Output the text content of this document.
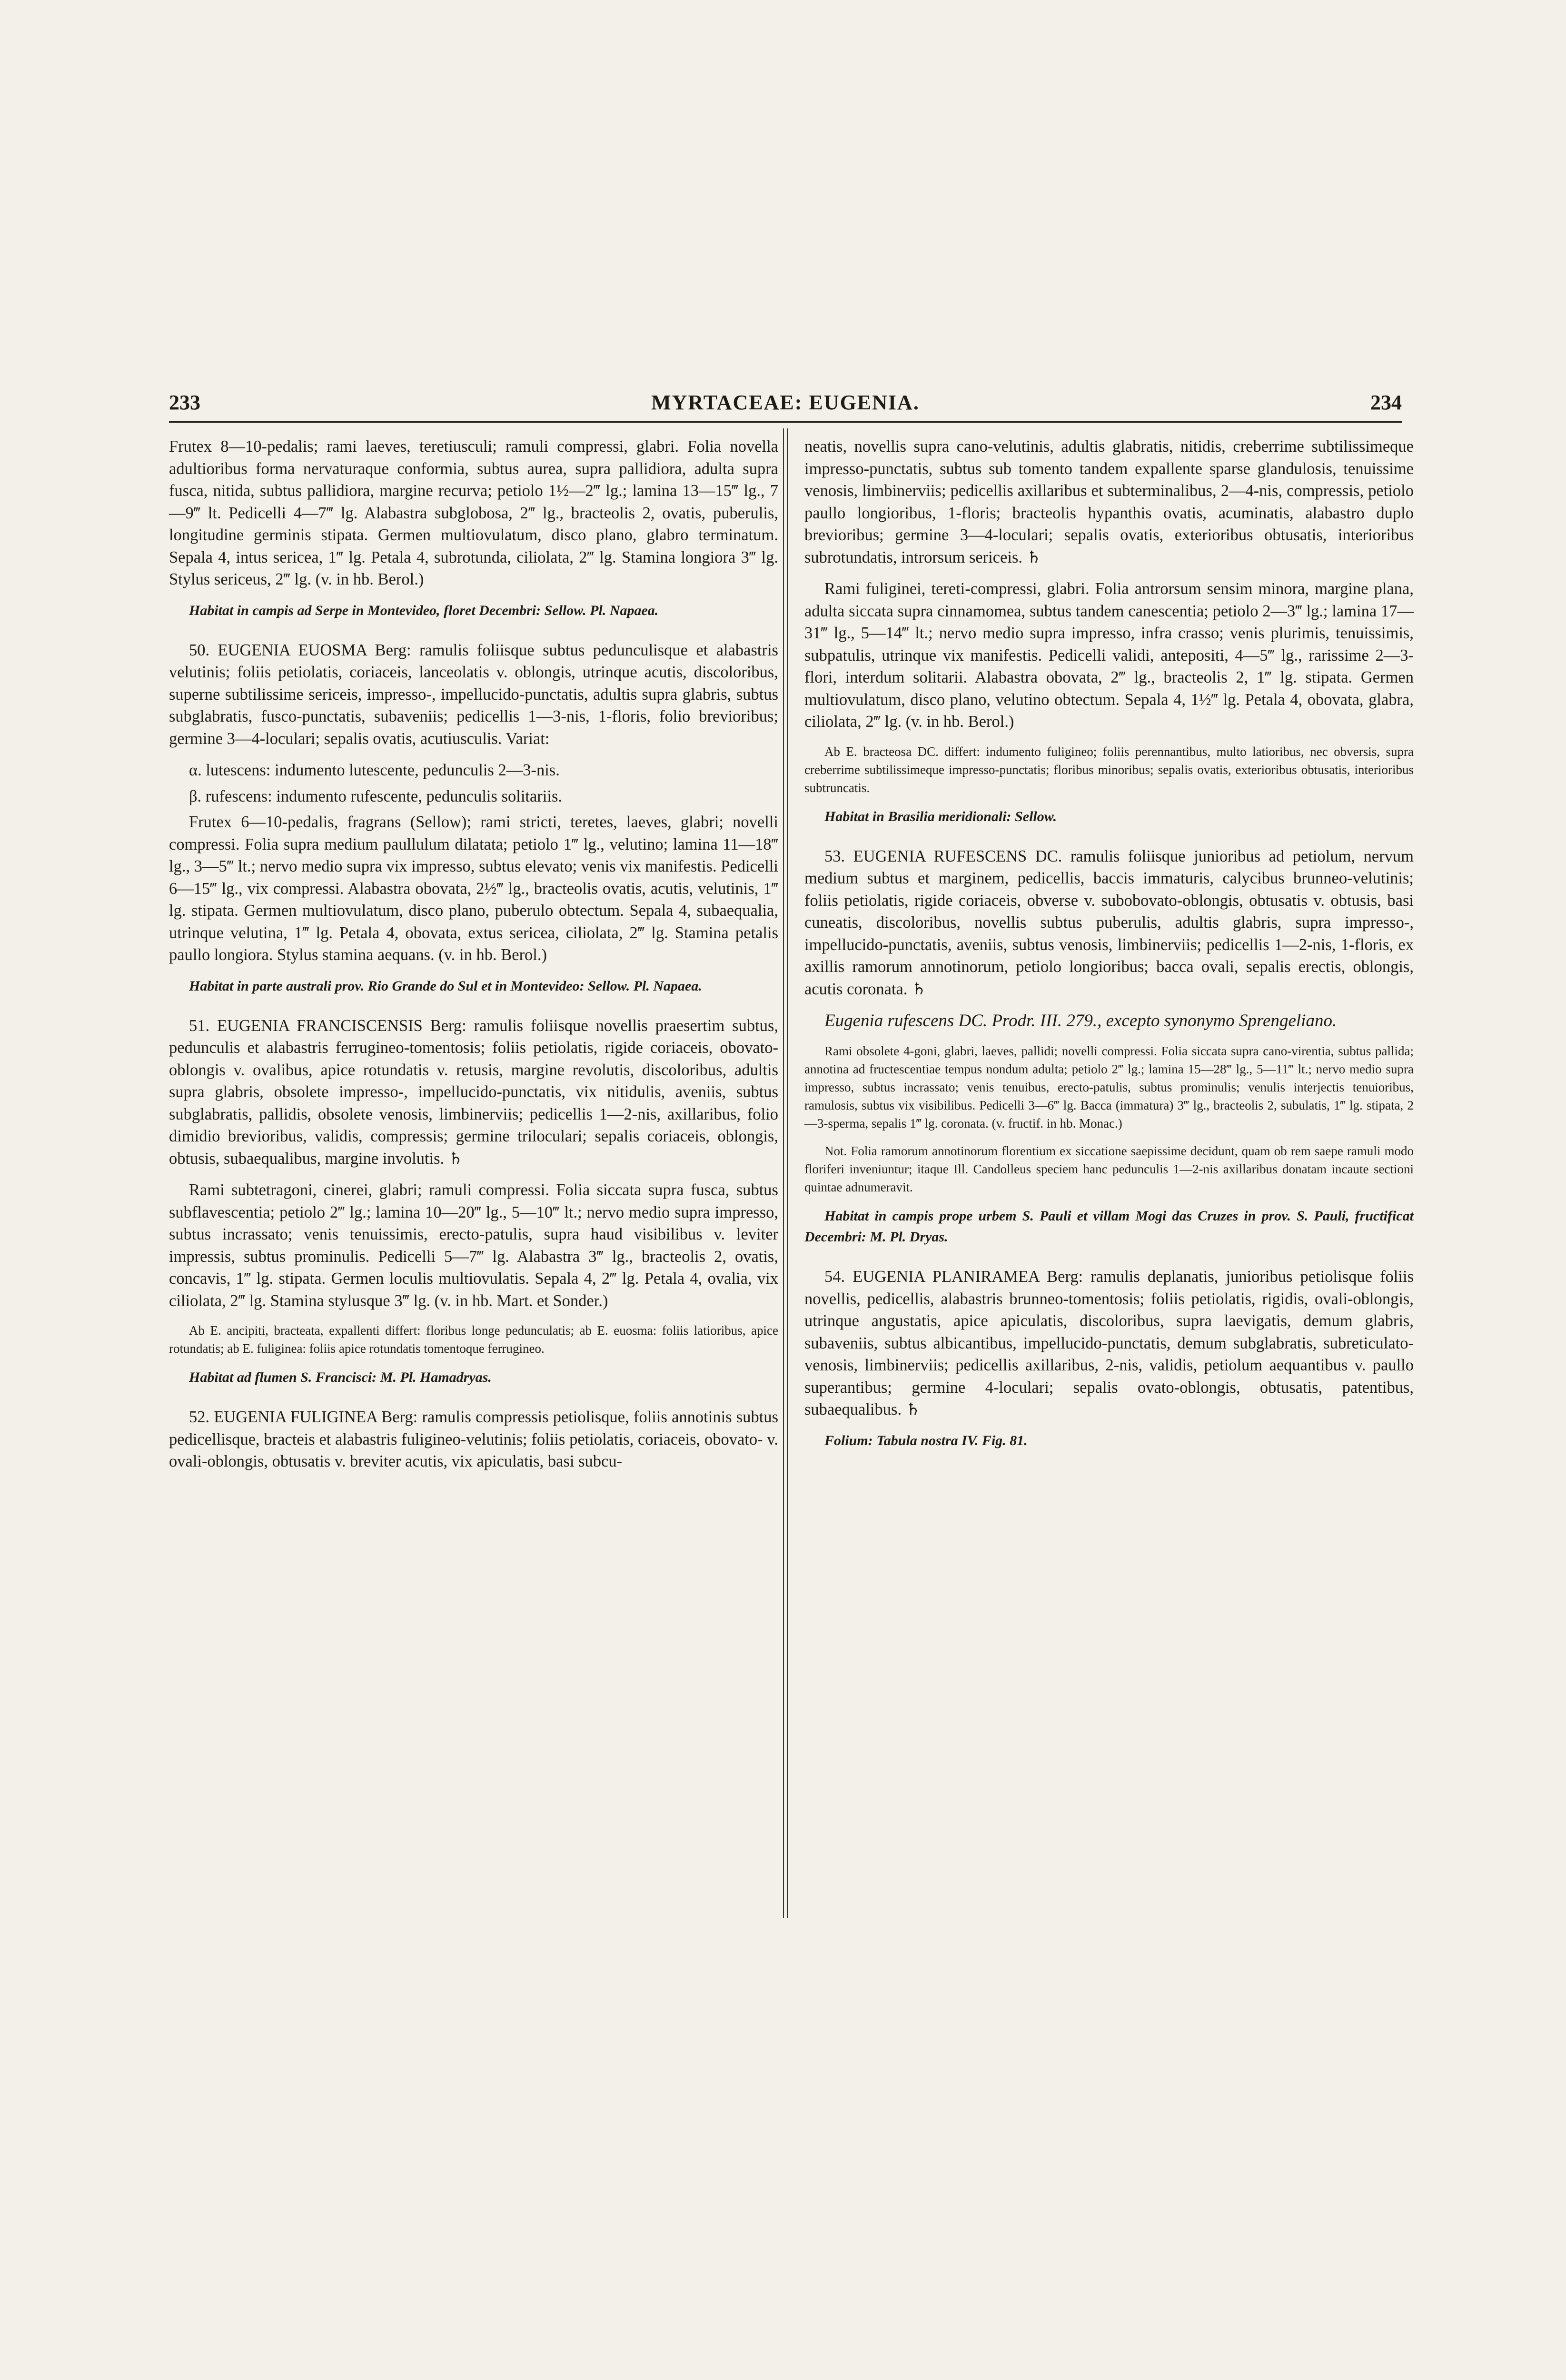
233	MYRTACEAE: EUGENIA.	234

Frutex 8—10-pedalis; rami laeves, teretiusculi; ramuli compressi, glabri. Folia novella adultioribus forma nervaturaque conformia, subtus aurea, supra pallidiora, adulta supra fusca, nitida, subtus pallidiora, margine recurva; petiolo 1½—2‴ lg.; lamina 13—15‴ lg., 7—9‴ lt. Pedicelli 4—7‴ lg. Alabastra subglobosa, 2‴ lg., bracteolis 2, ovatis, puberulis, longitudine germinis stipata. Germen multiovulatum, disco plano, glabro terminatum. Sepala 4, intus sericea, 1‴ lg. Petala 4, subrotunda, ciliolata, 2‴ lg. Stamina longiora 3‴ lg. Stylus sericeus, 2‴ lg. (v. in hb. Berol.)

Habitat in campis ad Serpe in Montevideo, floret Decembri: Sellow. Pl. Napaea.

50. EUGENIA EUOSMA Berg: ramulis foliisque subtus pedunculisque et alabastris velutinis; foliis petiolatis, coriaceis, lanceolatis v. oblongis, utrinque acutis, discoloribus, superne subtilissime sericeis, impresso-, impellucido-punctatis, adultis supra glabris, subtus subglabratis, fusco-punctatis, subaveniis; pedicellis 1—3-nis, 1-floris, folio brevioribus; germine 3—4-loculari; sepalis ovatis, acutiusculis. Variat:

α. lutescens: indumento lutescente, pedunculis 2—3-nis.

β. rufescens: indumento rufescente, pedunculis solitariis.

Frutex 6—10-pedalis, fragrans (Sellow); rami stricti, teretes, laeves, glabri; novelli compressi. Folia supra medium paullulum dilatata; petiolo 1‴ lg., velutino; lamina 11—18‴ lg., 3—5‴ lt.; nervo medio supra vix impresso, subtus elevato; venis vix manifestis. Pedicelli 6—15‴ lg., vix compressi. Alabastra obovata, 2½‴ lg., bracteolis ovatis, acutis, velutinis, 1‴ lg. stipata. Germen multiovulatum, disco plano, puberulo obtectum. Sepala 4, subaequalia, utrinque velutina, 1‴ lg. Petala 4, obovata, extus sericea, ciliolata, 2‴ lg. Stamina petalis paullo longiora. Stylus stamina aequans. (v. in hb. Berol.)

Habitat in parte australi prov. Rio Grande do Sul et in Montevideo: Sellow. Pl. Napaea.

51. EUGENIA FRANCISCENSIS Berg: ramulis foliisque novellis praesertim subtus, pedunculis et alabastris ferrugineo-tomentosis; foliis petiolatis, rigide coriaceis, obovato-oblongis v. ovalibus, apice rotundatis v. retusis, margine revolutis, discoloribus, adultis supra glabris, obsolete impresso-, impellucido-punctatis, vix nitidulis, aveniis, subtus subglabratis, pallidis, obsolete venosis, limbinerviis; pedicellis 1—2-nis, axillaribus, folio dimidio brevioribus, validis, compressis; germine triloculari; sepalis coriaceis, oblongis, obtusis, subaequalibus, margine involutis. ♄

Rami subtetragoni, cinerei, glabri; ramuli compressi. Folia siccata supra fusca, subtus subflavescentia; petiolo 2‴ lg.; lamina 10—20‴ lg., 5—10‴ lt.; nervo medio supra impresso, subtus incrassato; venis tenuissimis, erecto-patulis, supra haud visibilibus v. leviter impressis, subtus prominulis. Pedicelli 5—7‴ lg. Alabastra 3‴ lg., bracteolis 2, ovatis, concavis, 1‴ lg. stipata. Germen loculis multiovulatis. Sepala 4, 2‴ lg. Petala 4, ovalia, vix ciliolata, 2‴ lg. Stamina stylusque 3‴ lg. (v. in hb. Mart. et Sonder.)

Ab E. ancipiti, bracteata, expallenti differt: floribus longe pedunculatis; ab E. euosma: foliis latioribus, apice rotundatis; ab E. fuliginea: foliis apice rotundatis tomentoque ferrugineo.

Habitat ad flumen S. Francisci: M. Pl. Hamadryas.

52. EUGENIA FULIGINEA Berg: ramulis compressis petiolisque, foliis annotinis subtus pedicellisque, bracteis et alabastris fuligineo-velutinis; foliis petiolatis, coriaceis, obovato- v. ovali-oblongis, obtusatis v. breviter acutis, vix apiculatis, basi subcu-

neatis, novellis supra cano-velutinis, adultis glabratis, nitidis, creberrime subtilissimeque impresso-punctatis, subtus sub tomento tandem expallente sparse glandulosis, tenuissime venosis, limbinerviis; pedicellis axillaribus et subterminalibus, 2—4-nis, compressis, petiolo paullo longioribus, 1-floris; bracteolis hypanthis ovatis, acuminatis, alabastro duplo brevioribus; germine 3—4-loculari; sepalis ovatis, exterioribus obtusatis, interioribus subrotundatis, introrsum sericeis. ♄

Rami fuliginei, tereti-compressi, glabri. Folia antrorsum sensim minora, margine plana, adulta siccata supra cinnamomea, subtus tandem canescentia; petiolo 2—3‴ lg.; lamina 17—31‴ lg., 5—14‴ lt.; nervo medio supra impresso, infra crasso; venis plurimis, tenuissimis, subpatulis, utrinque vix manifestis. Pedicelli validi, antepositi, 4—5‴ lg., rarissime 2—3-flori, interdum solitarii. Alabastra obovata, 2‴ lg., bracteolis 2, 1‴ lg. stipata. Germen multiovulatum, disco plano, velutino obtectum. Sepala 4, 1½‴ lg. Petala 4, obovata, glabra, ciliolata, 2‴ lg. (v. in hb. Berol.)

Ab E. bracteosa DC. differt: indumento fuligineo; foliis perennantibus, multo latioribus, nec obversis, supra creberrime subtilissimeque impresso-punctatis; floribus minoribus; sepalis ovatis, exterioribus obtusatis, interioribus subtruncatis.

Habitat in Brasilia meridionali: Sellow.

53. EUGENIA RUFESCENS DC. ramulis foliisque junioribus ad petiolum, nervum medium subtus et marginem, pedicellis, baccis immaturis, calycibus brunneo-velutinis; foliis petiolatis, rigide coriaceis, obverse v. subobovato-oblongis, obtusatis v. obtusis, basi cuneatis, discoloribus, novellis subtus puberulis, adultis glabris, supra impresso-, impellucido-punctatis, aveniis, subtus venosis, limbinerviis; pedicellis 1—2-nis, 1-floris, ex axillis ramorum annotinorum, petiolo longioribus; bacca ovali, sepalis erectis, oblongis, acutis coronata. ♄

Eugenia rufescens DC. Prodr. III. 279., excepto synonymo Sprengeliano.

Rami obsolete 4-goni, glabri, laeves, pallidi; novelli compressi. Folia siccata supra cano-virentia, subtus pallida; annotina ad fructescentiae tempus nondum adulta; petiolo 2‴ lg.; lamina 15—28‴ lg., 5—11‴ lt.; nervo medio supra impresso, subtus incrassato; venis tenuibus, erecto-patulis, subtus prominulis; venulis interjectis tenuioribus, ramulosis, subtus vix visibilibus. Pedicelli 3—6‴ lg. Bacca (immatura) 3‴ lg., bracteolis 2, subulatis, 1‴ lg. stipata, 2—3-sperma, sepalis 1‴ lg. coronata. (v. fructif. in hb. Monac.)

Not. Folia ramorum annotinorum florentium ex siccatione saepissime decidunt, quam ob rem saepe ramuli modo floriferi inveniuntur; itaque Ill. Candolleus speciem hanc pedunculis 1—2-nis axillaribus donatam incaute sectioni quintae adnumeravit.

Habitat in campis prope urbem S. Pauli et villam Mogi das Cruzes in prov. S. Pauli, fructificat Decembri: M. Pl. Dryas.

54. EUGENIA PLANIRAMEA Berg: ramulis deplanatis, junioribus petiolisque foliis novellis, pedicellis, alabastris brunneo-tomentosis; foliis petiolatis, rigidis, ovali-oblongis, utrinque angustatis, apice apiculatis, discoloribus, supra laevigatis, demum glabris, subaveniis, subtus albicantibus, impellucido-punctatis, demum subglabratis, subreticulato-venosis, limbinerviis; pedicellis axillaribus, 2-nis, validis, petiolum aequantibus v. paullo superantibus; germine 4-loculari; sepalis ovato-oblongis, obtusatis, patentibus, subaequalibus. ♄

Folium: Tabula nostra IV. Fig. 81.
